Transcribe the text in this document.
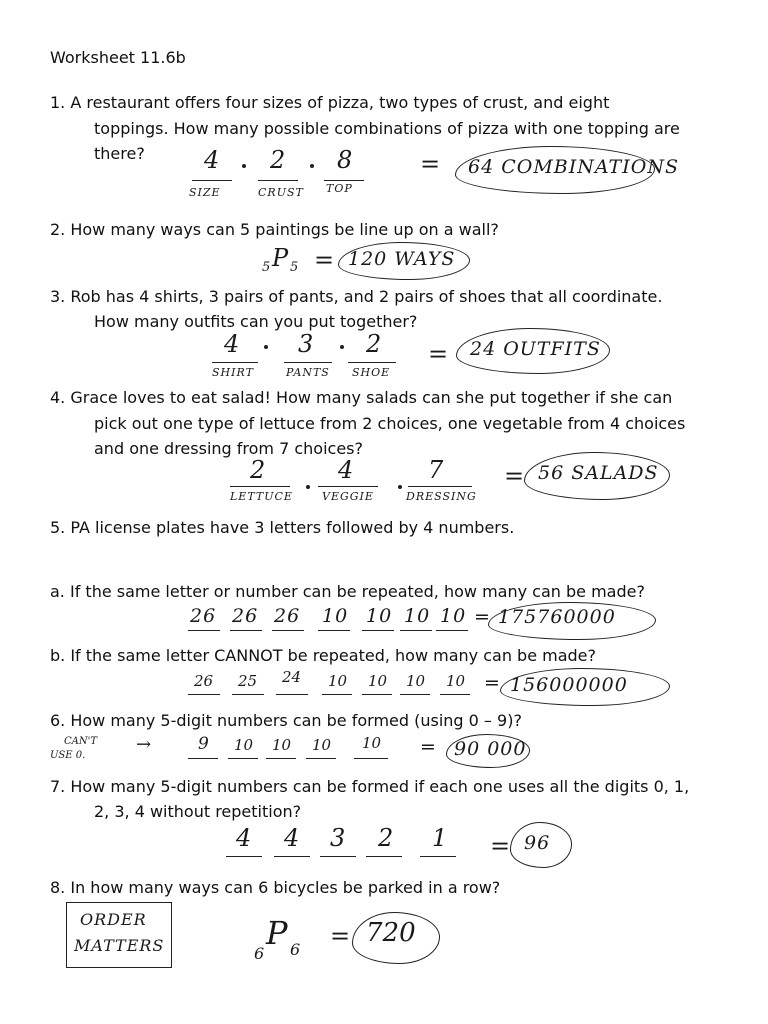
Worksheet 11.6b
1. A restaurant offers four sizes of pizza, two types of crust, and eight
toppings. How many possible combinations of pizza with one topping are
there? 4
SIZE
2
CRUST
8
TOP
= 64 COMBINATIONS
2. How many ways can 5 paintings be line up on a wall?
5 P 5 = 120 WAYS
3. Rob has 4 shirts, 3 pairs of pants, and 2 pairs of shoes that all coordinate.
How many outfits can you put together?
4
SHIRT
3
PANTS
2
SHOE
= 24 OUTFITS
4. Grace loves to eat salad! How many salads can she put together if she can
pick out one type of lettuce from 2 choices, one vegetable from 4 choices
and one dressing from 7 choices?
2
LETTUCE
4
VEGGIE
7
DRESSING
= 56 SALADS
5. PA license plates have 3 letters followed by 4 numbers.
a. If the same letter or number can be repeated, how many can be made?
26 26 26 10 10 10 10 = 175760000
b. If the same letter CANNOT be repeated, how many can be made?
26 25 24 10 10 10 10 = 156000000
6. How many 5-digit numbers can be formed (using 0 – 9)?
CAN'T
USE 0.
→	9 10 10 10 10 = 90 000
7. How many 5-digit numbers can be formed if each one uses all the digits 0, 1,
2, 3, 4 without repetition?
4 4 3 2 1 = 96
8. In how many ways can 6 bicycles be parked in a row?
ORDER
MATTERS	6
P 6 = 720
